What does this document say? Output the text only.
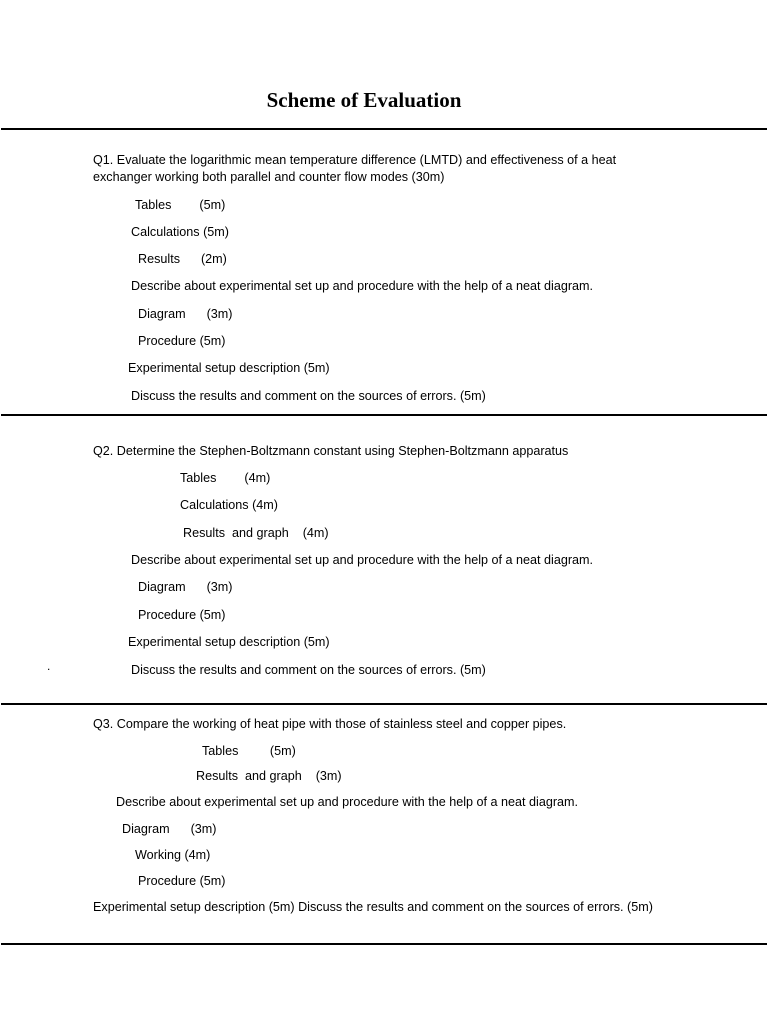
Scheme of Evaluation
Q1. Evaluate the logarithmic mean temperature difference (LMTD) and effectiveness of a heat exchanger working both parallel and counter flow modes (30m)
Tables        (5m)
Calculations (5m)
Results      (2m)
Describe about experimental set up and procedure with the help of a neat diagram.
Diagram      (3m)
Procedure (5m)
Experimental setup description (5m)
Discuss the results and comment on the sources of errors. (5m)
Q2. Determine the Stephen-Boltzmann constant using Stephen-Boltzmann apparatus
Tables        (4m)
Calculations (4m)
Results  and graph    (4m)
Describe about experimental set up and procedure with the help of a neat diagram.
Diagram      (3m)
Procedure (5m)
Experimental setup description (5m)
.	Discuss the results and comment on the sources of errors. (5m)
Q3. Compare the working of heat pipe with those of stainless steel and copper pipes.
Tables         (5m)
Results  and graph    (3m)
Describe about experimental set up and procedure with the help of a neat diagram.
Diagram      (3m)
Working (4m)
Procedure (5m)
Experimental setup description (5m) Discuss the results and comment on the sources of errors. (5m)
